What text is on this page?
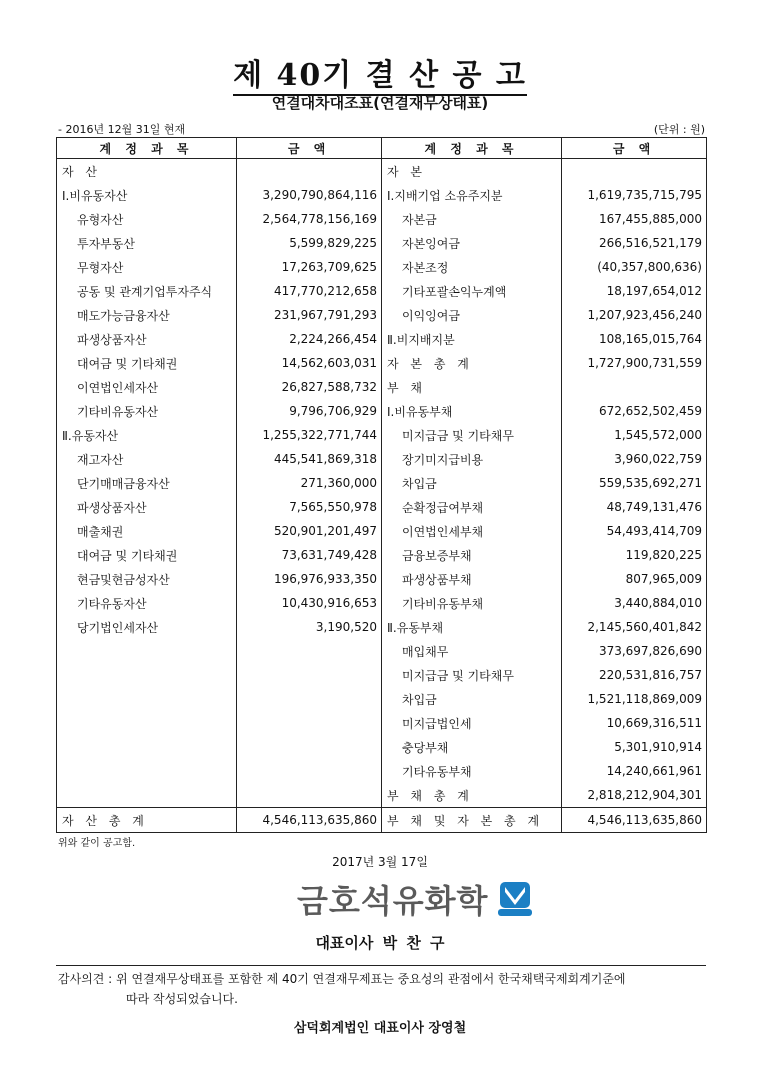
제 40기 결 산 공 고
연결대차대조표(연결재무상태표)
- 2016년 12월 31일 현재	(단위 : 원)
계 정 과 목	금 액	계 정 과 목	금 액
자 산		자 본	
Ⅰ.비유동자산	3,290,790,864,116	Ⅰ.지배기업 소유주지분	1,619,735,715,795
유형자산	2,564,778,156,169	자본금	167,455,885,000
투자부동산	5,599,829,225	자본잉여금	266,516,521,179
무형자산	17,263,709,625	자본조정	(40,357,800,636)
공동 및 관계기업투자주식	417,770,212,658	기타포괄손익누계액	18,197,654,012
매도가능금융자산	231,967,791,293	이익잉여금	1,207,923,456,240
파생상품자산	2,224,266,454	Ⅱ.비지배지분	108,165,015,764
대여금 및 기타채권	14,562,603,031	자 본 총 계	1,727,900,731,559
이연법인세자산	26,827,588,732	부 채	
기타비유동자산	9,796,706,929	Ⅰ.비유동부채	672,652,502,459
Ⅱ.유동자산	1,255,322,771,744	미지급금 및 기타채무	1,545,572,000
재고자산	445,541,869,318	장기미지급비용	3,960,022,759
단기매매금융자산	271,360,000	차입금	559,535,692,271
파생상품자산	7,565,550,978	순확정급여부채	48,749,131,476
매출채권	520,901,201,497	이연법인세부채	54,493,414,709
대여금 및 기타채권	73,631,749,428	금융보증부채	119,820,225
현금및현금성자산	196,976,933,350	파생상품부채	807,965,009
기타유동자산	10,430,916,653	기타비유동부채	3,440,884,010
당기법인세자산	3,190,520	Ⅱ.유동부채	2,145,560,401,842
		매입채무	373,697,826,690
		미지급금 및 기타채무	220,531,816,757
		차입금	1,521,118,869,009
		미지급법인세	10,669,316,511
		충당부채	5,301,910,914
		기타유동부채	14,240,661,961
		부 채 총 계	2,818,212,904,301
자 산 총 계	4,546,113,635,860	부 채 및 자 본 총 계	4,546,113,635,860
위와 같이 공고함.
2017년 3월 17일
금호석유화학
대표이사 박 찬 구
감사의견 : 위 연결재무상태표를 포함한 제 40기 연결재무제표는 중요성의 관점에서 한국채택국제회계기준에
따라 작성되었습니다.
삼덕회계법인 대표이사 장영철
